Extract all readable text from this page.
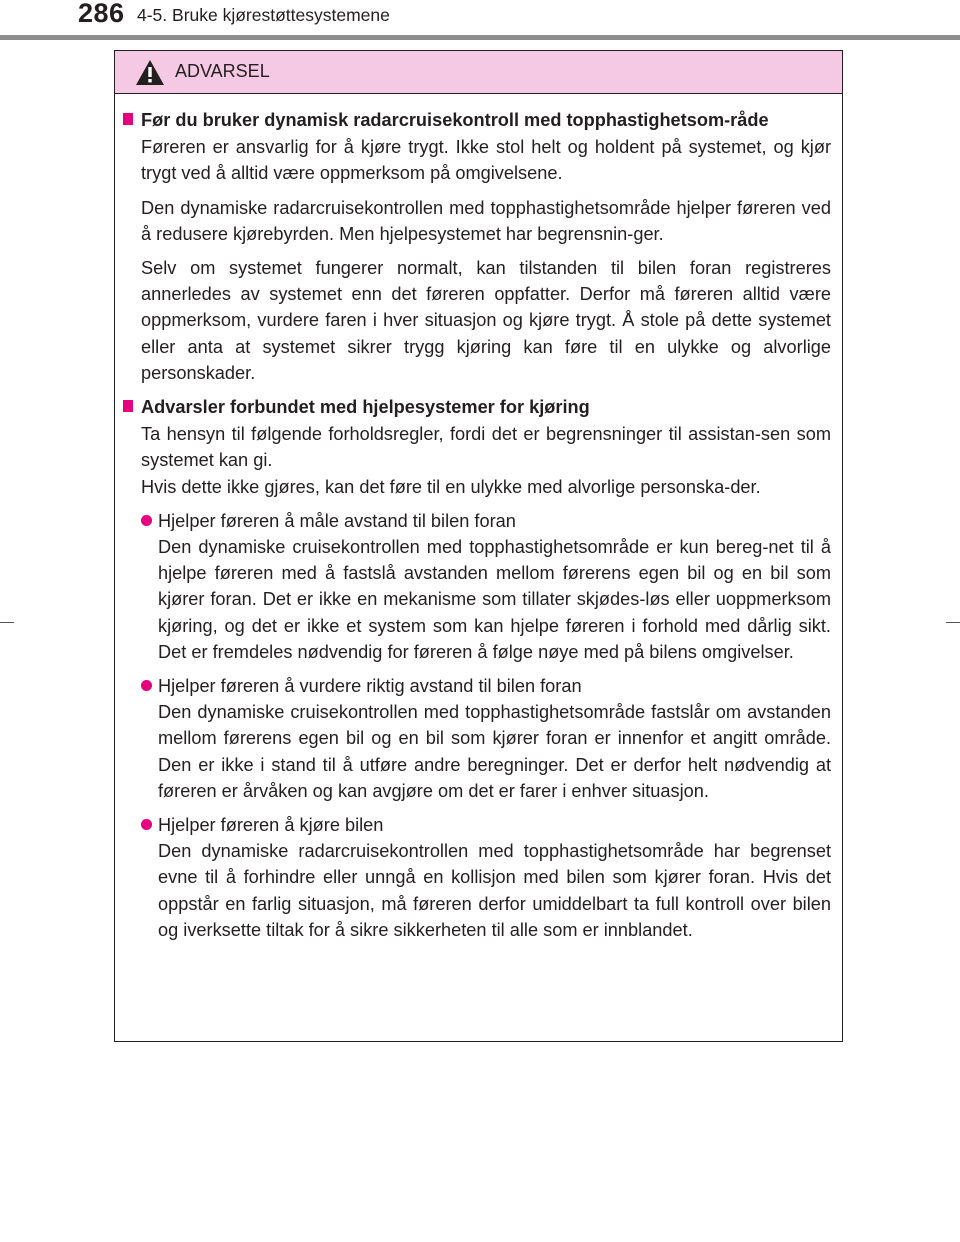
286 4-5. Bruke kjørestøttesystemene
ADVARSEL
Før du bruker dynamisk radarcruisekontroll med topphastighetsom-råde

Føreren er ansvarlig for å kjøre trygt. Ikke stol helt og holdent på systemet, og kjør trygt ved å alltid være oppmerksom på omgivelsene.

Den dynamiske radarcruisekontrollen med topphastighetsområde hjelper føreren ved å redusere kjørebyrden. Men hjelpesystemet har begrensnin-ger.

Selv om systemet fungerer normalt, kan tilstanden til bilen foran registreres annerledes av systemet enn det føreren oppfatter. Derfor må føreren alltid være oppmerksom, vurdere faren i hver situasjon og kjøre trygt. Å stole på dette systemet eller anta at systemet sikrer trygg kjøring kan føre til en ulykke og alvorlige personskader.

Advarsler forbundet med hjelpesystemer for kjøring

Ta hensyn til følgende forholdsregler, fordi det er begrensninger til assistan-sen som systemet kan gi.

Hvis dette ikke gjøres, kan det føre til en ulykke med alvorlige personska-der.

Hjelper føreren å måle avstand til bilen foran
Den dynamiske cruisekontrollen med topphastighetsområde er kun bereg-net til å hjelpe føreren med å fastslå avstanden mellom førerens egen bil og en bil som kjører foran. Det er ikke en mekanisme som tillater skjødes-løs eller uoppmerksom kjøring, og det er ikke et system som kan hjelpe føreren i forhold med dårlig sikt. Det er fremdeles nødvendig for føreren å følge nøye med på bilens omgivelser.
Hjelper føreren å vurdere riktig avstand til bilen foran
Den dynamiske cruisekontrollen med topphastighetsområde fastslår om avstanden mellom førerens egen bil og en bil som kjører foran er innenfor et angitt område. Den er ikke i stand til å utføre andre beregninger. Det er derfor helt nødvendig at føreren er årvåken og kan avgjøre om det er farer i enhver situasjon.
Hjelper føreren å kjøre bilen
Den dynamiske radarcruisekontrollen med topphastighetsområde har begrenset evne til å forhindre eller unngå en kollisjon med bilen som kjører foran. Hvis det oppstår en farlig situasjon, må føreren derfor umiddelbart ta full kontroll over bilen og iverksette tiltak for å sikre sikkerheten til alle som er innblandet.
